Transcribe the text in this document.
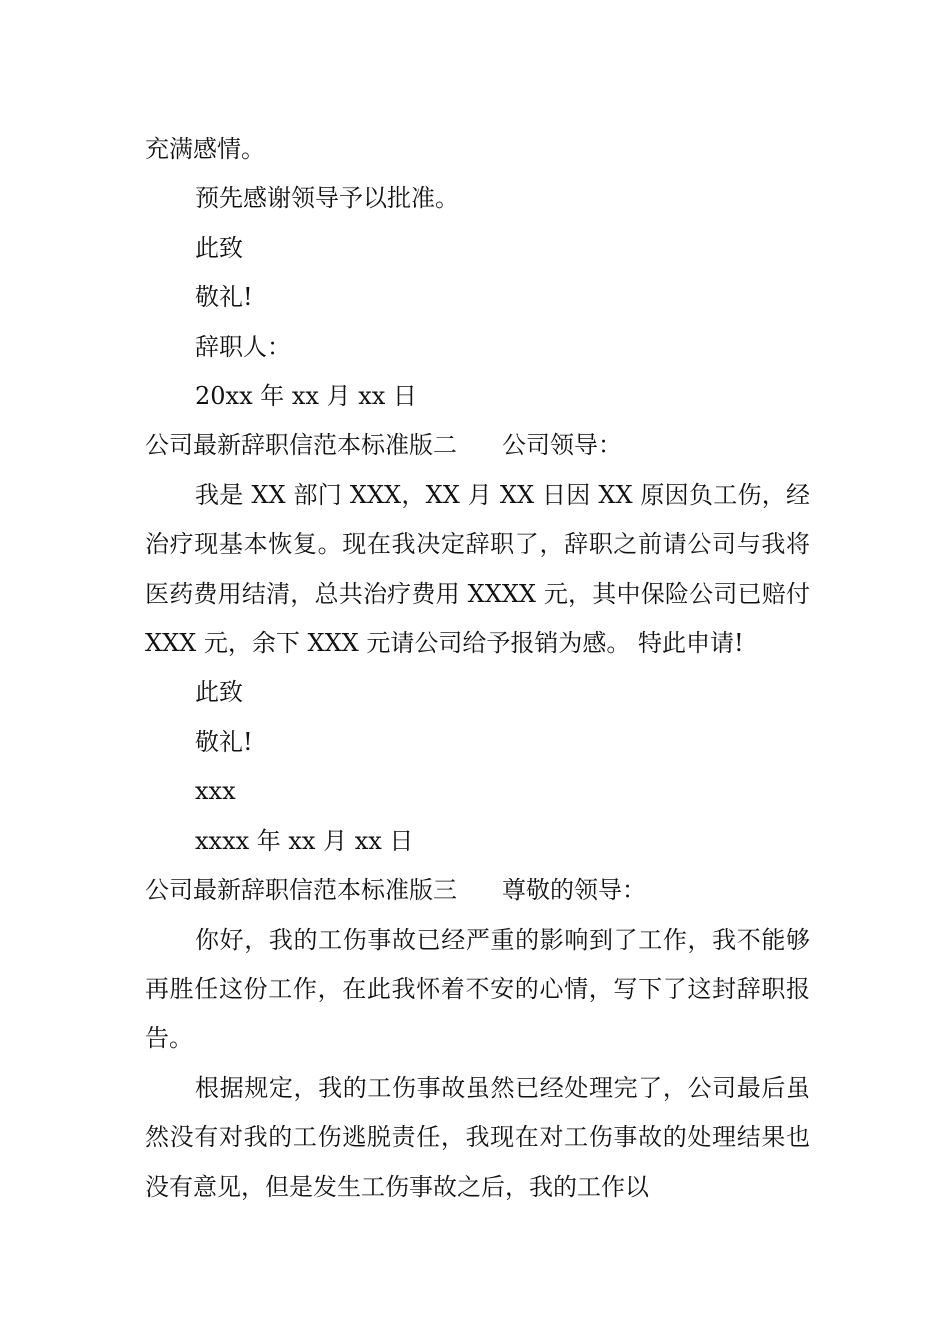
充满感情。

预先感谢领导予以批准。

此致

敬礼!

辞职人：

20xx 年 xx 月 xx 日

公司最新辞职信范本标准版二 公司领导：

我是 XX 部门 XXX，XX 月 XX 日因 XX 原因负工伤，经治疗现基本恢复。现在我决定辞职了，辞职之前请公司与我将医药费用结清，总共治疗费用 XXXX 元，其中保险公司已赔付 XXX 元，余下 XXX 元请公司给予报销为感。 特此申请!

此致

敬礼!

xxx

xxxx 年 xx 月 xx 日

公司最新辞职信范本标准版三 尊敬的领导：

你好，我的工伤事故已经严重的影响到了工作，我不能够再胜任这份工作，在此我怀着不安的心情，写下了这封辞职报告。

根据规定，我的工伤事故虽然已经处理完了，公司最后虽然没有对我的工伤逃脱责任，我现在对工伤事故的处理结果也没有意见，但是发生工伤事故之后，我的工作以
